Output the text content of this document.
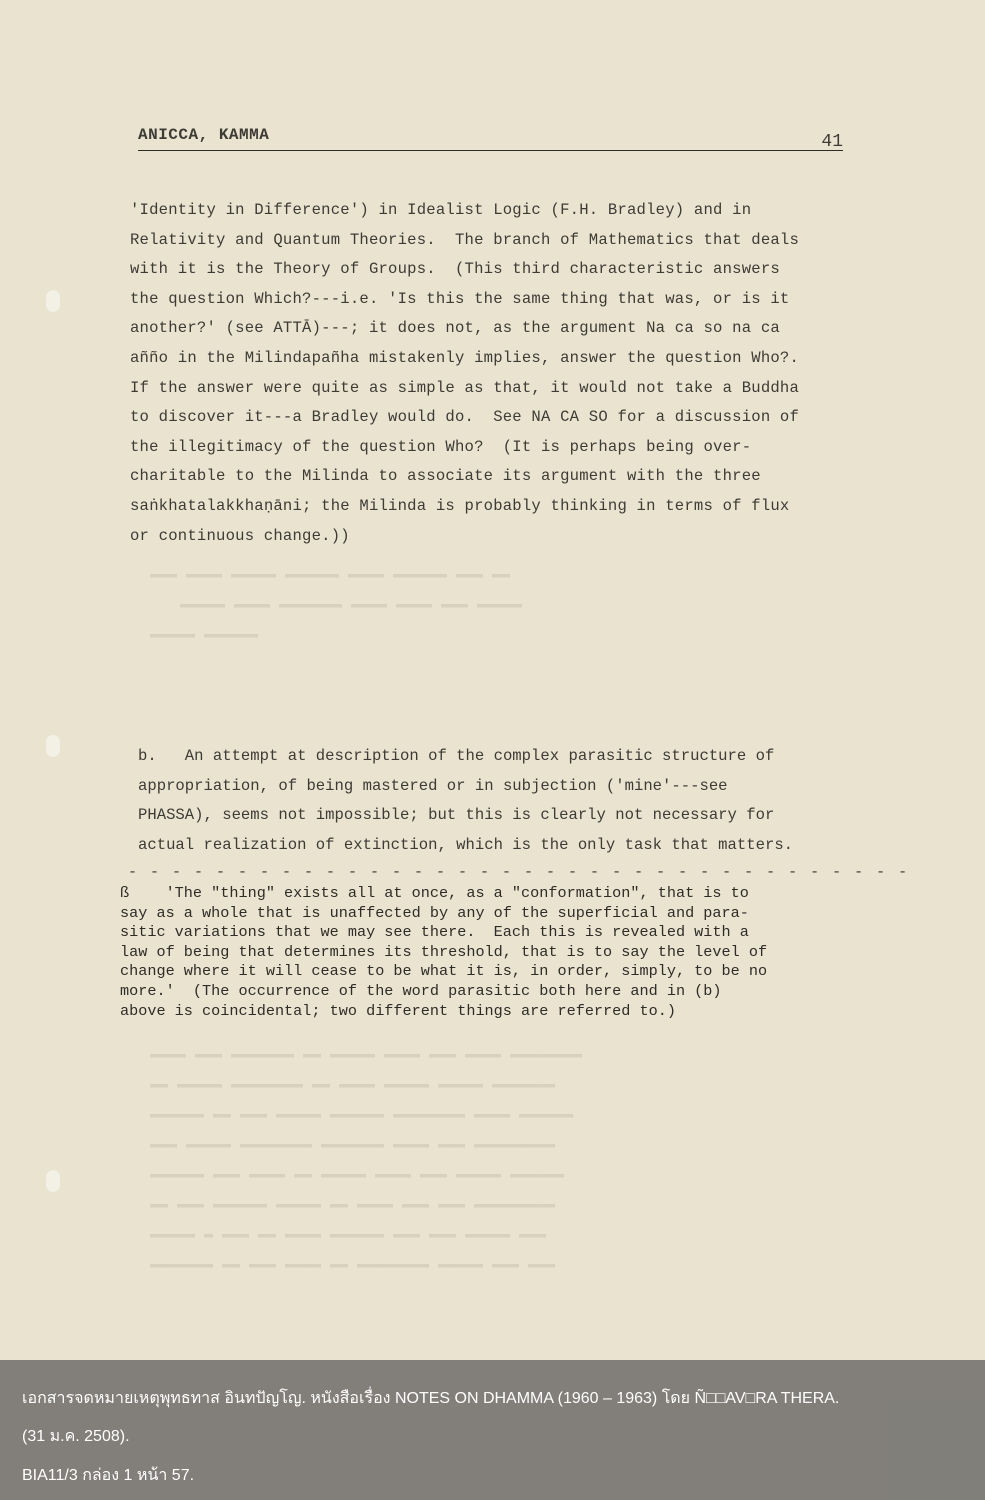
▬▬▬ ▬▬▬▬ ▬▬▬▬▬ ▬▬▬▬▬▬ ▬▬▬▬ ▬▬▬▬▬▬ ▬▬▬ ▬▬
▬▬▬▬▬ ▬▬▬▬ ▬▬▬▬▬▬▬ ▬▬▬▬ ▬▬▬▬ ▬▬▬ ▬▬▬▬▬
▬▬▬▬▬ ▬▬▬▬▬▬
▬▬▬▬ ▬▬▬ ▬▬▬▬▬▬▬ ▬▬ ▬▬▬▬▬ ▬▬▬▬ ▬▬▬ ▬▬▬▬ ▬▬▬▬▬▬▬▬
▬▬ ▬▬▬▬▬ ▬▬▬▬▬▬▬▬ ▬▬ ▬▬▬▬ ▬▬▬▬▬ ▬▬▬▬▬ ▬▬▬▬▬▬▬
▬▬▬▬▬▬ ▬▬ ▬▬▬ ▬▬▬▬▬ ▬▬▬▬▬▬ ▬▬▬▬▬▬▬▬ ▬▬▬▬ ▬▬▬▬▬▬
▬▬▬ ▬▬▬▬▬ ▬▬▬▬▬▬▬▬ ▬▬▬▬▬▬▬ ▬▬▬▬ ▬▬▬ ▬▬▬▬▬▬▬▬▬
▬▬▬▬▬▬ ▬▬▬ ▬▬▬▬ ▬▬ ▬▬▬▬▬ ▬▬▬▬ ▬▬▬ ▬▬▬▬▬ ▬▬▬▬▬▬
▬▬ ▬▬▬ ▬▬▬▬▬▬ ▬▬▬▬▬ ▬▬ ▬▬▬▬ ▬▬▬ ▬▬▬ ▬▬▬▬▬▬▬▬▬
▬▬▬▬▬ ▬ ▬▬▬ ▬▬ ▬▬▬▬ ▬▬▬▬▬▬ ▬▬▬ ▬▬▬ ▬▬▬▬▬ ▬▬▬
▬▬▬▬▬▬▬ ▬▬ ▬▬▬ ▬▬▬▬ ▬▬ ▬▬▬▬▬▬▬▬ ▬▬▬▬▬ ▬▬▬ ▬▬▬
ANICCA, KAMMA	41

'Identity in Difference') in Idealist Logic (F.H. Bradley) and in

Relativity and Quantum Theories.  The branch of Mathematics that deals

with it is the Theory of Groups.  (This third characteristic answers

the question Which?---i.e. 'Is this the same thing that was, or is it

another?' (see ATTĀ)---; it does not, as the argument Na ca so na ca

añño in the Milindapañha mistakenly implies, answer the question Who?.

If the answer were quite as simple as that, it would not take a Buddha

to discover it---a Bradley would do.  See NA CA SO for a discussion of

the illegitimacy of the question Who?  (It is perhaps being over-

charitable to the Milinda to associate its argument with the three

saṅkhatalakkhaṇāni; the Milinda is probably thinking in terms of flux

or continuous change.))

b.   An attempt at description of the complex parasitic structure of

appropriation, of being mastered or in subjection ('mine'---see

PHASSA), seems not impossible; but this is clearly not necessary for

actual realization of extinction, which is the only task that matters.

- - - - - - - - - - - - - - - - - - - - - - - - - - - - - - - - - - - -

ß    'The "thing" exists all at once, as a "conformation", that is to

say as a whole that is unaffected by any of the superficial and para-

sitic variations that we may see there.  Each this is revealed with a

law of being that determines its threshold, that is to say the level of

change where it will cease to be what it is, in order, simply, to be no

more.'  (The occurrence of the word parasitic both here and in (b)

above is coincidental; two different things are referred to.)

เอกสารจดหมายเหตุพุทธทาส อินทปัญโญ. หนังสือเรื่อง NOTES ON DHAMMA (1960 – 1963) โดย Ñ□□AV□RA THERA.
(31 ม.ค. 2508).
BIA11/3 กล่อง 1 หน้า 57.
